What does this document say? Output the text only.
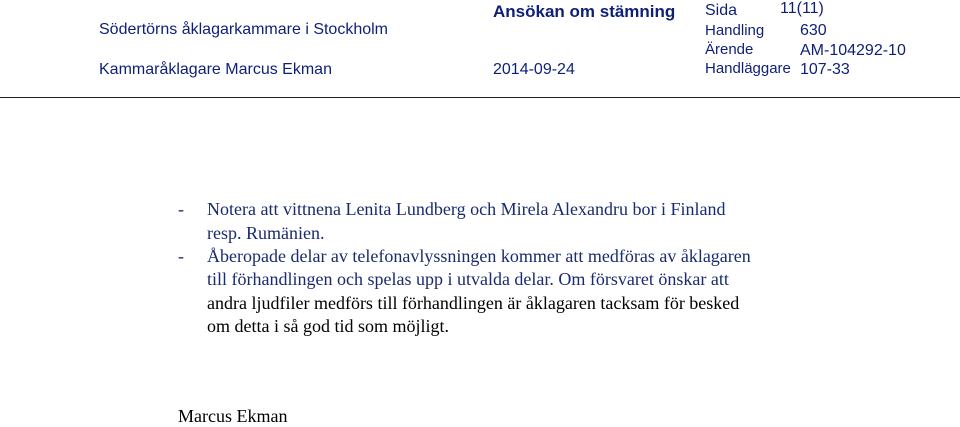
Södertörns åklagarkammare i Stockholm
Kammaråklagare Marcus Ekman
Ansökan om stämning
2014-09-24
Sida	11(11)
Handling 630
Ärende	AM-104292-10
Handläggare 107-33
- Notera att vittnena Lenita Lundberg och Mirela Alexandru bor i Finland
resp. Rumänien.
- Åberopade delar av telefonavlyssningen kommer att medföras av åklagaren
till förhandlingen och spelas upp i utvalda delar. Om försvaret önskar att
andra ljudfiler medförs till förhandlingen är åklagaren tacksam för besked
om detta i så god tid som möjligt.
Marcus Ekman
